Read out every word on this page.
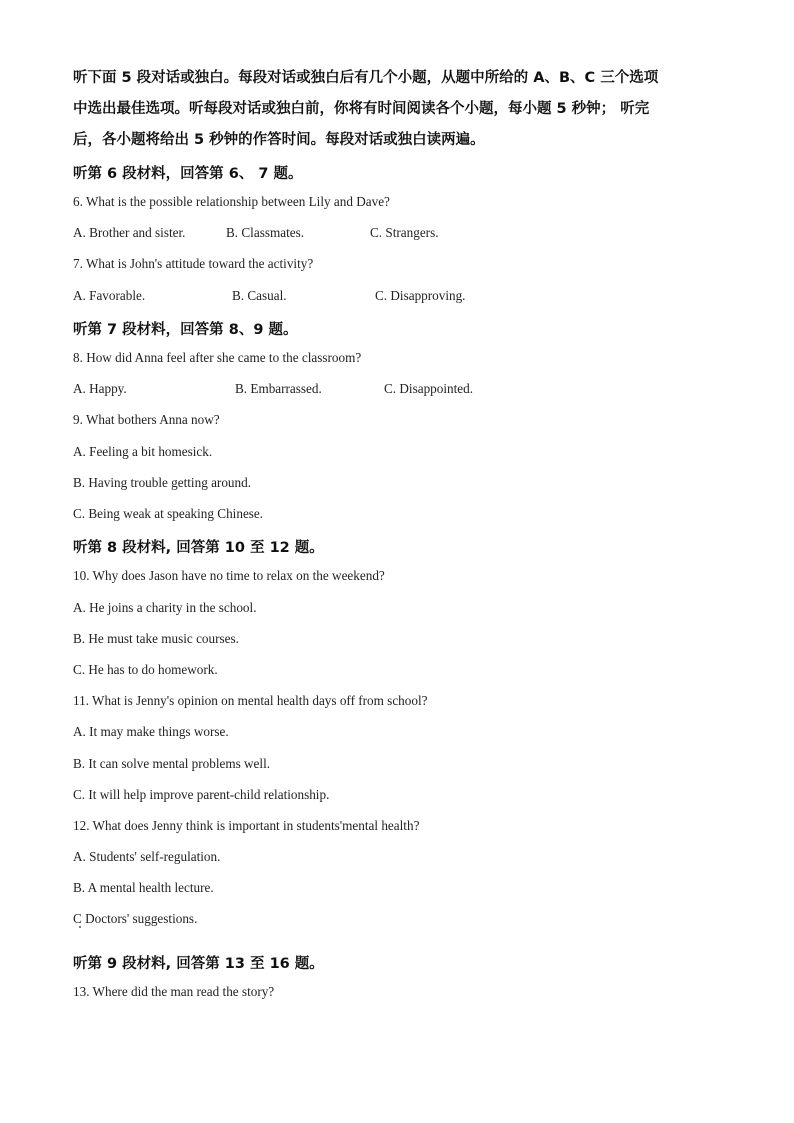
听下面 5 段对话或独白。每段对话或独白后有几个小题，从题中所给的 A、B、C 三个选项
中选出最佳选项。听每段对话或独白前，你将有时间阅读各个小题，每小题 5 秒钟； 听完
后，各小题将给出 5 秒钟的作答时间。每段对话或独白读两遍。
听第 6 段材料，回答第 6、 7 题。
6. What is the possible relationship between Lily and Dave?
A. Brother and sister.	B. Classmates.	C. Strangers.
7. What is John's attitude toward the activity?
A. Favorable.	B. Casual.	C. Disapproving.
听第 7 段材料，回答第 8、9 题。
8. How did Anna feel after she came to the classroom?
A. Happy.	B. Embarrassed.	C. Disappointed.
9. What bothers Anna now?
A. Feeling a bit homesick.
B. Having trouble getting around.
C. Being weak at speaking Chinese.
听第 8 段材料, 回答第 10 至 12 题。
10. Why does Jason have no time to relax on the weekend?
A. He joins a charity in the school.
B. He must take music courses.
C. He has to do homework.
11. What is Jenny's opinion on mental health days off from school?
A. It may make things worse.
B. It can solve mental problems well.
C. It will help improve parent-child relationship.
12. What does Jenny think is important in students'mental health?
A. Students' self-regulation.
B. A mental health lecture.
C Doctors' suggestions.
听第 9 段材料, 回答第 13 至 16 题。
13. Where did the man read the story?
